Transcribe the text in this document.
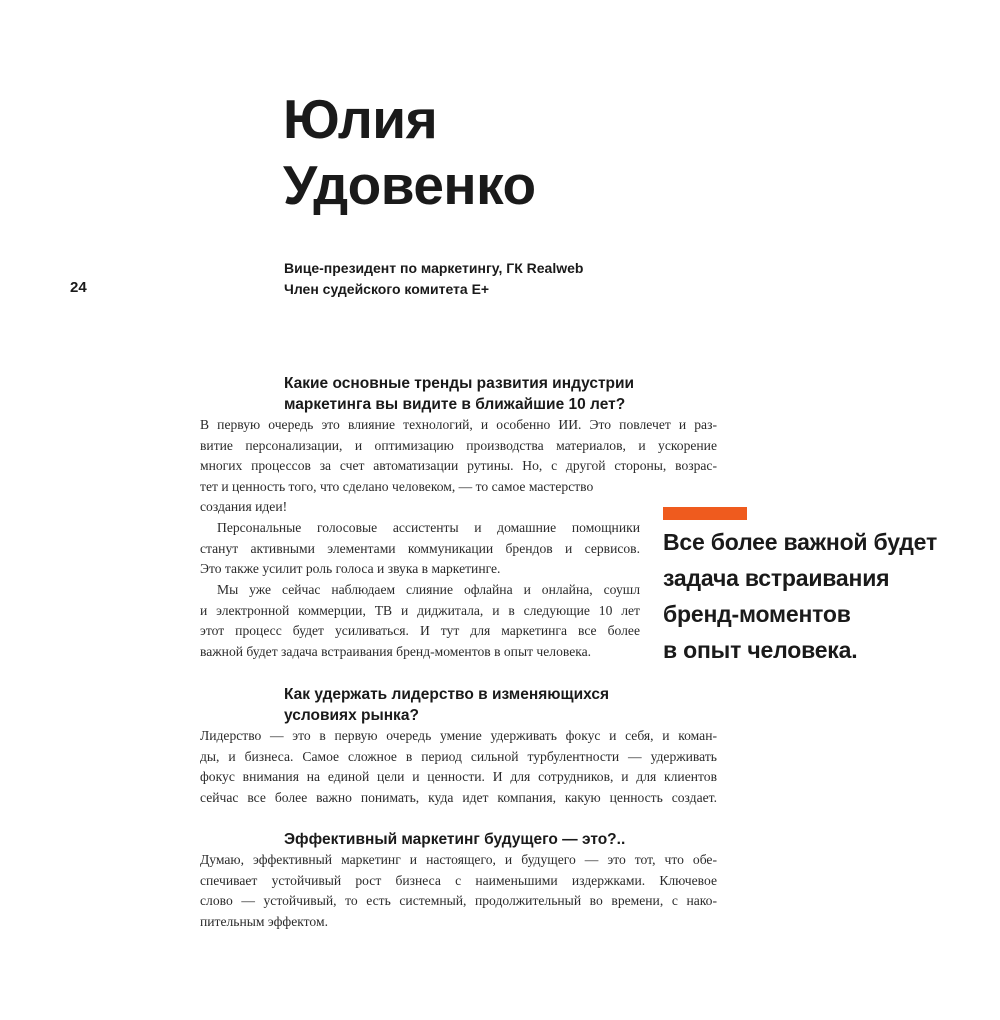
24
Юлия
Удовенко
Вице-президент по маркетингу, ГК Realweb
Член судейского комитета E+
Какие основные тренды развития индустрии
маркетинга вы видите в ближайшие 10 лет?
В первую очередь это влияние технологий, и особенно ИИ. Это повлечет и раз-
витие персонализации, и оптимизацию производства материалов, и ускорение
многих процессов за счет автоматизации рутины. Но, с другой стороны, возрас-
тет и ценность того, что сделано человеком, — то самое мастерство
создания идеи!
Персональные голосовые ассистенты и домашние помощники
станут активными элементами коммуникации брендов и сервисов.
Это также усилит роль голоса и звука в маркетинге.
Мы уже сейчас наблюдаем слияние офлайна и онлайна, соушл
и электронной коммерции, ТВ и диджитала, и в следующие 10 лет
этот процесс будет усиливаться. И тут для маркетинга все более
важной будет задача встраивания бренд-моментов в опыт человека.
Как удержать лидерство в изменяющихся
условиях рынка?
Лидерство — это в первую очередь умение удерживать фокус и себя, и коман-
ды, и бизнеса. Самое сложное в период сильной турбулентности — удерживать
фокус внимания на единой цели и ценности. И для сотрудников, и для клиентов
сейчас все более важно понимать, куда идет компания, какую ценность создает.
Эффективный маркетинг будущего — это?..
Думаю, эффективный маркетинг и настоящего, и будущего — это тот, что обе-
спечивает устойчивый рост бизнеса с наименьшими издержками. Ключевое
слово — устойчивый, то есть системный, продолжительный во времени, с нако-
пительным эффектом.
Все более важной будет
задача встраивания
бренд-моментов
в опыт человека.
